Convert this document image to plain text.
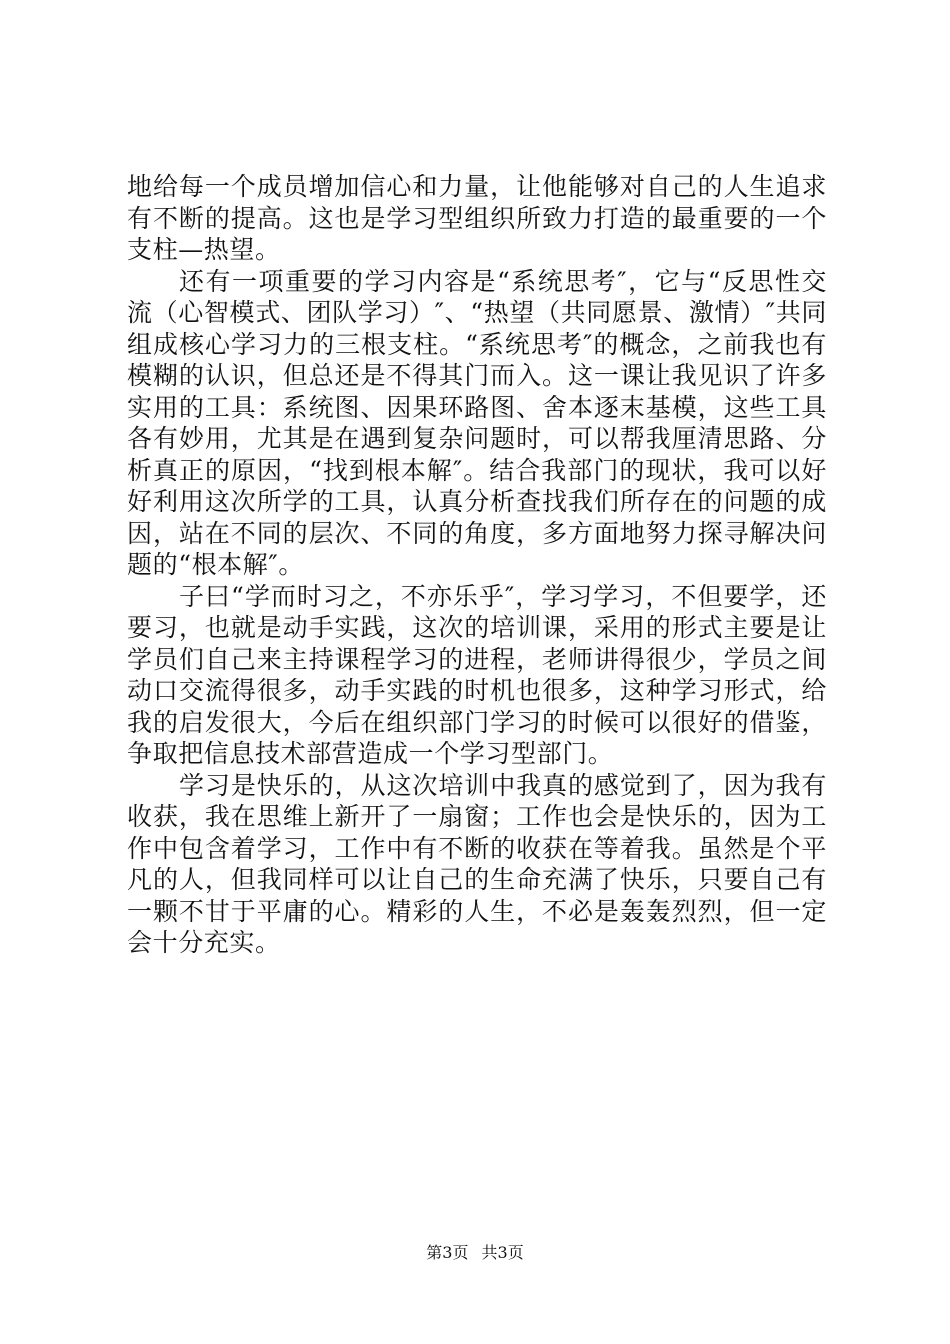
地给每一个成员增加信心和力量，让他能够对自己的人生追求有不断的提高。这也是学习型组织所致力打造的最重要的一个支柱—热望。

还有一项重要的学习内容是“系统思考″，它与“反思性交流（心智模式、团队学习）″、“热望（共同愿景、激情）″共同组成核心学习力的三根支柱。“系统思考″的概念，之前我也有模糊的认识，但总还是不得其门而入。这一课让我见识了许多实用的工具：系统图、因果环路图、舍本逐末基模，这些工具各有妙用，尤其是在遇到复杂问题时，可以帮我厘清思路、分析真正的原因，“找到根本解″。结合我部门的现状，我可以好好利用这次所学的工具，认真分析查找我们所存在的问题的成因，站在不同的层次、不同的角度，多方面地努力探寻解决问题的“根本解″。

子曰“学而时习之，不亦乐乎″，学习学习，不但要学，还要习，也就是动手实践，这次的培训课，采用的形式主要是让学员们自己来主持课程学习的进程，老师讲得很少，学员之间动口交流得很多，动手实践的时机也很多，这种学习形式，给我的启发很大，今后在组织部门学习的时候可以很好的借鉴，争取把信息技术部营造成一个学习型部门。

学习是快乐的，从这次培训中我真的感觉到了，因为我有收获，我在思维上新开了一扇窗；工作也会是快乐的，因为工作中包含着学习，工作中有不断的收获在等着我。虽然是个平凡的人，但我同样可以让自己的生命充满了快乐，只要自己有一颗不甘于平庸的心。精彩的人生，不必是轰轰烈烈，但一定会十分充实。

第3页 共3页
